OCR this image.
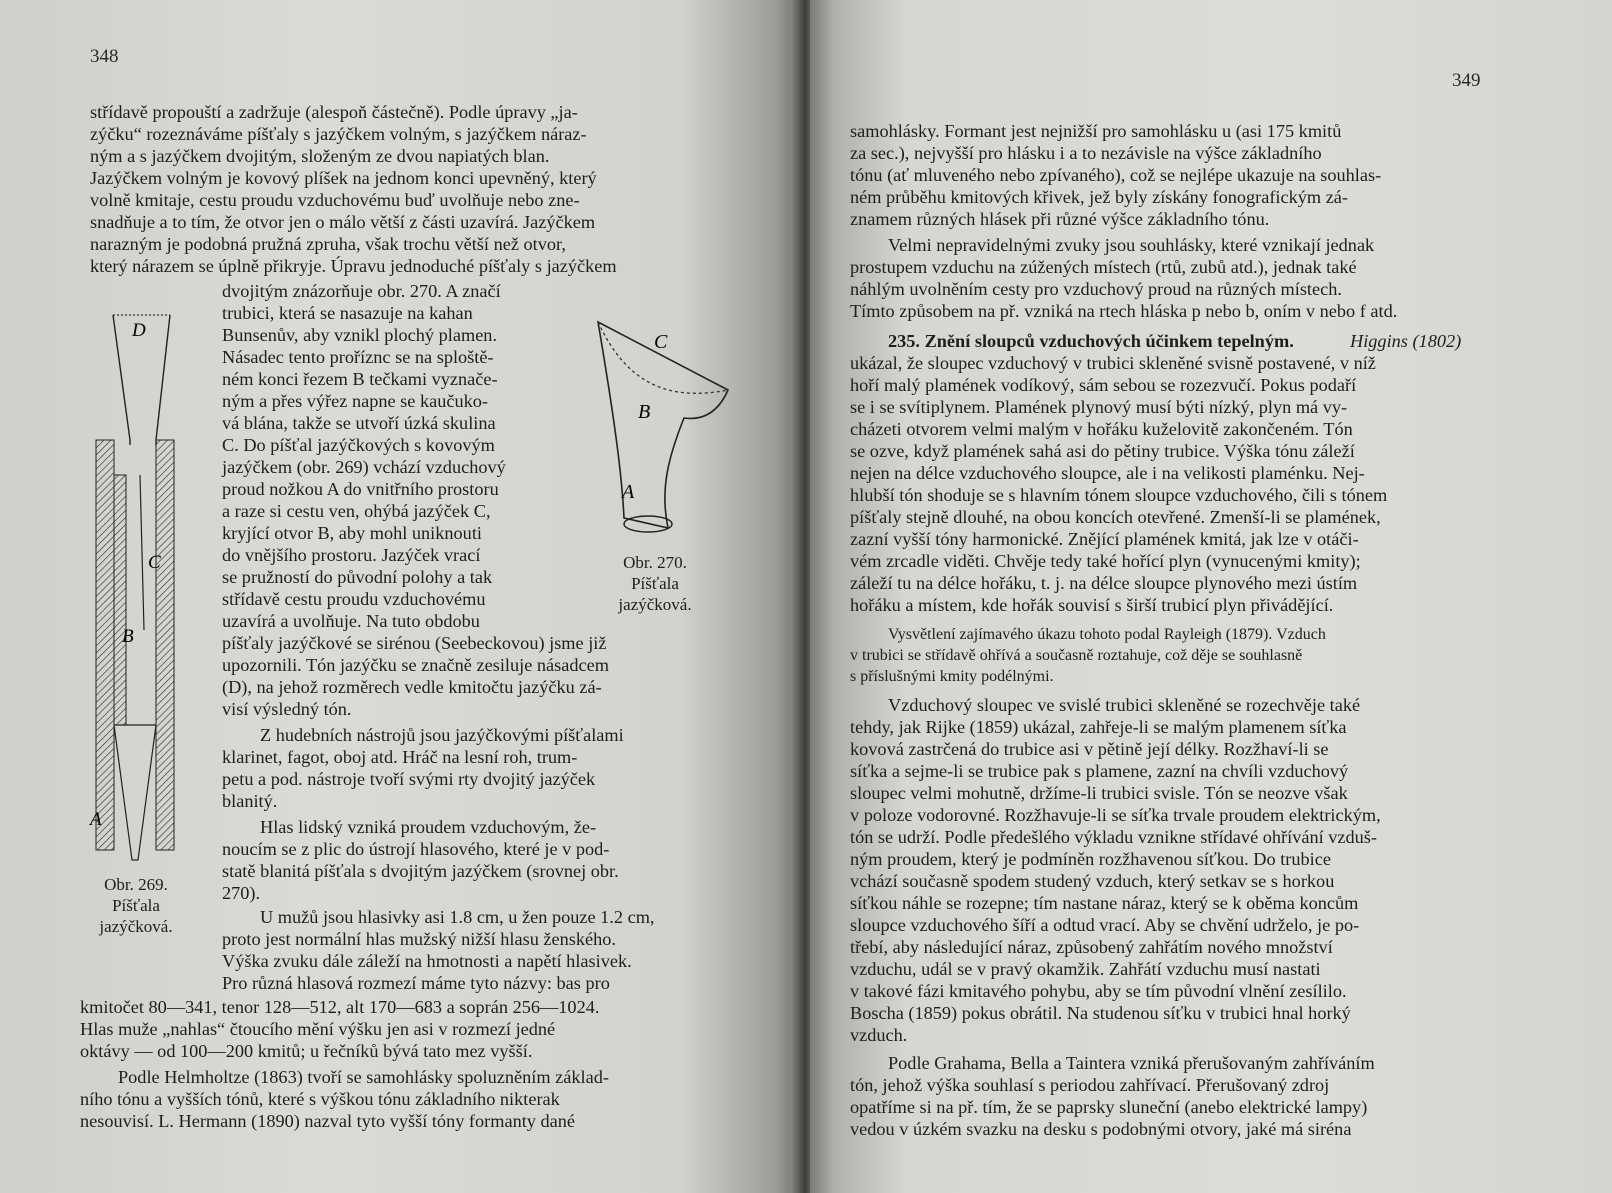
348
střídavě propouští a zadržuje (alespoň částečně). Podle úpravy „ja-
zýčku“ rozeznáváme píšťaly s jazýčkem volným, s jazýčkem náraz-
ným a s jazýčkem dvojitým, složeným ze dvou napiatých blan.
Jazýčkem volným je kovový plíšek na jednom konci upevněný, který
volně kmitaje, cestu proudu vzduchovému buď uvolňuje nebo zne-
snadňuje a to tím, že otvor jen o málo větší z části uzavírá. Jazýčkem
narazným je podobná pružná zpruha, však trochu větší než otvor,
který nárazem se úplně přikryje. Úpravu jednoduché píšťaly s jazýčkem
D
C
B
A
Obr. 269.
Píšťala
jazýčková.
dvojitým znázorňuje obr. 270. A značí
trubici, která se nasazuje na kahan
Bunsenův, aby vznikl plochý plamen.
Násadec tento proříznc se na sploště-
ném konci řezem B tečkami vyznače-
ným a přes výřez napne se kaučuko-
vá blána, takže se utvoří úzká skulina
C. Do píšťal jazýčkových s kovovým
jazýčkem (obr. 269) vchází vzduchový
proud nožkou A do vnitřního prostoru
a raze si cestu ven, ohýbá jazýček C,
kryjící otvor B, aby mohl uniknouti
do vnějšího prostoru. Jazýček vrací
se pružností do původní polohy a tak
střídavě cestu proudu vzduchovému
uzavírá a uvolňuje. Na tuto obdobu
C
B
A
Obr. 270.
Píšťala
jazýčková.
píšťaly jazýčkové se sirénou (Seebeckovou) jsme již
upozornili. Tón jazýčku se značně zesiluje násadcem
(D), na jehož rozměrech vedle kmitočtu jazýčku zá-
visí výsledný tón.
Z hudebních nástrojů jsou jazýčkovými píšťalami
klarinet, fagot, oboj atd. Hráč na lesní roh, trum-
petu a pod. nástroje tvoří svými rty dvojitý jazýček
blanitý.
Hlas lidský vzniká proudem vzduchovým, že-
noucím se z plic do ústrojí hlasového, které je v pod-
statě blanitá píšťala s dvojitým jazýčkem (srovnej obr.
270).
U mužů jsou hlasivky asi 1.8 cm, u žen pouze 1.2 cm,
proto jest normální hlas mužský nižší hlasu ženského.
Výška zvuku dále záleží na hmotnosti a napětí hlasivek.
Pro různá hlasová rozmezí máme tyto názvy: bas pro
kmitočet 80—341, tenor 128—512, alt 170—683 a soprán 256—1024.
Hlas muže „nahlas“ čtoucího mění výšku jen asi v rozmezí jedné
oktávy — od 100—200 kmitů; u řečníků bývá tato mez vyšší.
Podle Helmholtze (1863) tvoří se samohlásky spoluzněním základ-
ního tónu a vyšších tónů, které s výškou tónu základního nikterak
nesouvisí. L. Hermann (1890) nazval tyto vyšší tóny formanty dané
349
samohlásky. Formant jest nejnižší pro samohlásku u (asi 175 kmitů
za sec.), nejvyšší pro hlásku i a to nezávisle na výšce základního
tónu (ať mluveného nebo zpívaného), což se nejlépe ukazuje na souhlas-
ném průběhu kmitových křivek, jež byly získány fonografickým zá-
znamem různých hlásek při různé výšce základního tónu.
Velmi nepravidelnými zvuky jsou souhlásky, které vznikají jednak
prostupem vzduchu na zúžených místech (rtů, zubů atd.), jednak také
náhlým uvolněním cesty pro vzduchový proud na různých místech.
Tímto způsobem na př. vzniká na rtech hláska p nebo b, oním v nebo f atd.
235. Znění sloupců vzduchových účinkem tepelným.	Higgins (1802)
ukázal, že sloupec vzduchový v trubici skleněné svisně postavené, v níž
hoří malý plamének vodíkový, sám sebou se rozezvučí. Pokus podaří
se i se svítiplynem. Plamének plynový musí býti nízký, plyn má vy-
cházeti otvorem velmi malým v hořáku kuželovitě zakončeném. Tón
se ozve, když plamének sahá asi do pětiny trubice. Výška tónu záleží
nejen na délce vzduchového sloupce, ale i na velikosti plaménku. Nej-
hlubší tón shoduje se s hlavním tónem sloupce vzduchového, čili s tónem
píšťaly stejně dlouhé, na obou koncích otevřené. Zmenší-li se plamének,
zazní vyšší tóny harmonické. Znějící plamének kmitá, jak lze v otáči-
vém zrcadle viděti. Chvěje tedy také hořící plyn (vynucenými kmity);
záleží tu na délce hořáku, t. j. na délce sloupce plynového mezi ústím
hořáku a místem, kde hořák souvisí s širší trubicí plyn přivádějící.
Vysvětlení zajímavého úkazu tohoto podal Rayleigh (1879). Vzduch
v trubici se střídavě ohřívá a současně roztahuje, což děje se souhlasně
s příslušnými kmity podélnými.
Vzduchový sloupec ve svislé trubici skleněné se rozechvěje také
tehdy, jak Rijke (1859) ukázal, zahřeje-li se malým plamenem síťka
kovová zastrčená do trubice asi v pětině její délky. Rozžhaví-li se
síťka a sejme-li se trubice pak s plamene, zazní na chvíli vzduchový
sloupec velmi mohutně, držíme-li trubici svisle. Tón se neozve však
v poloze vodorovné. Rozžhavuje-li se síťka trvale proudem elektrickým,
tón se udrží. Podle předešlého výkladu vznikne střídavé ohřívání vzduš-
ným proudem, který je podmíněn rozžhavenou síťkou. Do trubice
vchází současně spodem studený vzduch, který setkav se s horkou
síťkou náhle se rozepne; tím nastane náraz, který se k oběma koncům
sloupce vzduchového šíří a odtud vrací. Aby se chvění udrželo, je po-
třebí, aby následující náraz, způsobený zahřátím nového množství
vzduchu, udál se v pravý okamžik. Zahřátí vzduchu musí nastati
v takové fázi kmitavého pohybu, aby se tím původní vlnění zesílilo.
Boscha (1859) pokus obrátil. Na studenou síťku v trubici hnal horký
vzduch.
Podle Grahama, Bella a Taintera vzniká přerušovaným zahříváním
tón, jehož výška souhlasí s periodou zahřívací. Přerušovaný zdroj
opatříme si na př. tím, že se paprsky sluneční (anebo elektrické lampy)
vedou v úzkém svazku na desku s podobnými otvory, jaké má siréna
